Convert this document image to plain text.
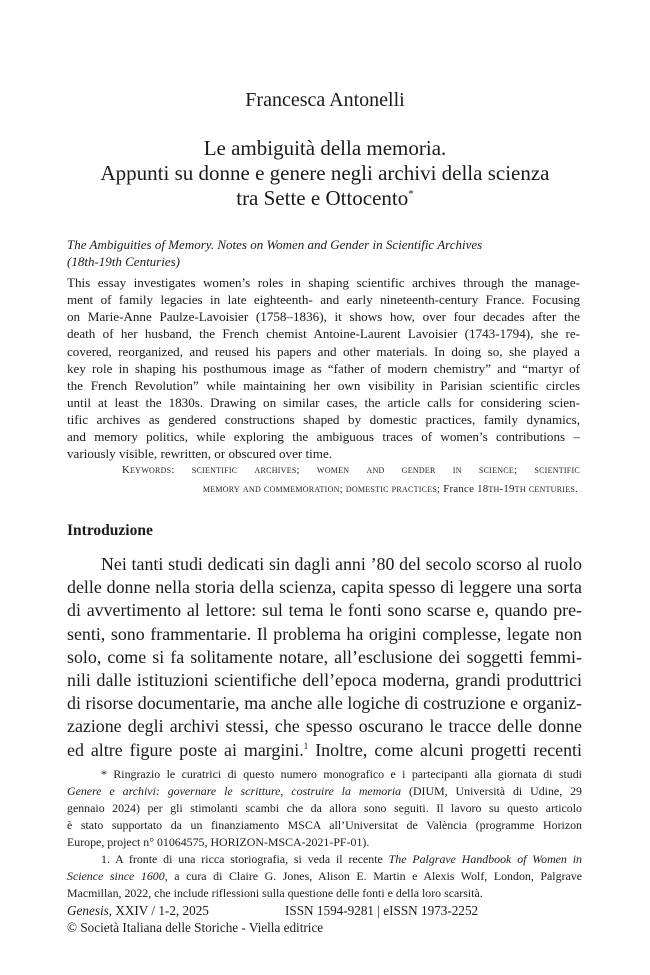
Francesca Antonelli
Le ambiguità della memoria.
Appunti su donne e genere negli archivi della scienza
tra Sette e Ottocento*
The Ambiguities of Memory. Notes on Women and Gender in Scientific Archives
(18th-19th Centuries)
This essay investigates women’s roles in shaping scientific archives through the manage-
ment of family legacies in late eighteenth- and early nineteenth-century France. Focusing
on Marie-Anne Paulze-Lavoisier (1758–1836), it shows how, over four decades after the
death of her husband, the French chemist Antoine-Laurent Lavoisier (1743-1794), she re-
covered, reorganized, and reused his papers and other materials. In doing so, she played a
key role in shaping his posthumous image as “father of modern chemistry” and “martyr of
the French Revolution” while maintaining her own visibility in Parisian scientific circles
until at least the 1830s. Drawing on similar cases, the article calls for considering scien-
tific archives as gendered constructions shaped by domestic practices, family dynamics,
and memory politics, while exploring the ambiguous traces of women’s contributions –
variously visible, rewritten, or obscured over time.
Keywords: scientific archives; women and gender in science; scientific
memory and commemoration; domestic practices; France 18th-19th centuries.
Introduzione
Nei tanti studi dedicati sin dagli anni ’80 del secolo scorso al ruolo
delle donne nella storia della scienza, capita spesso di leggere una sorta
di avvertimento al lettore: sul tema le fonti sono scarse e, quando pre-
senti, sono frammentarie. Il problema ha origini complesse, legate non
solo, come si fa solitamente notare, all’esclusione dei soggetti femmi-
nili dalle istituzioni scientifiche dell’epoca moderna, grandi produttrici
di risorse documentarie, ma anche alle logiche di costruzione e organiz-
zazione degli archivi stessi, che spesso oscurano le tracce delle donne
ed altre figure poste ai margini.$^1$ Inoltre, come alcuni progetti recenti
* Ringrazio le curatrici di questo numero monografico e i partecipanti alla giornata di studi
Genere e archivi: governare le scritture, costruire la memoria (DIUM, Università di Udine, 29
gennaio 2024) per gli stimolanti scambi che da allora sono seguiti. Il lavoro su questo articolo
è stato supportato da un finanziamento MSCA all’Universitat de València (programme Horizon
Europe, project n° 01064575, HORIZON-MSCA-2021-PF-01).
1. A fronte di una ricca storiografia, si veda il recente The Palgrave Handbook of Women in
Science since 1600, a cura di Claire G. Jones, Alison E. Martin e Alexis Wolf, London, Palgrave
Macmillan, 2022, che include riflessioni sulla questione delle fonti e della loro scarsità.
Genesis, XXIV / 1-2, 2025	ISSN 1594-9281 | eISSN 1973-2252
© Società Italiana delle Storiche - Viella editrice
